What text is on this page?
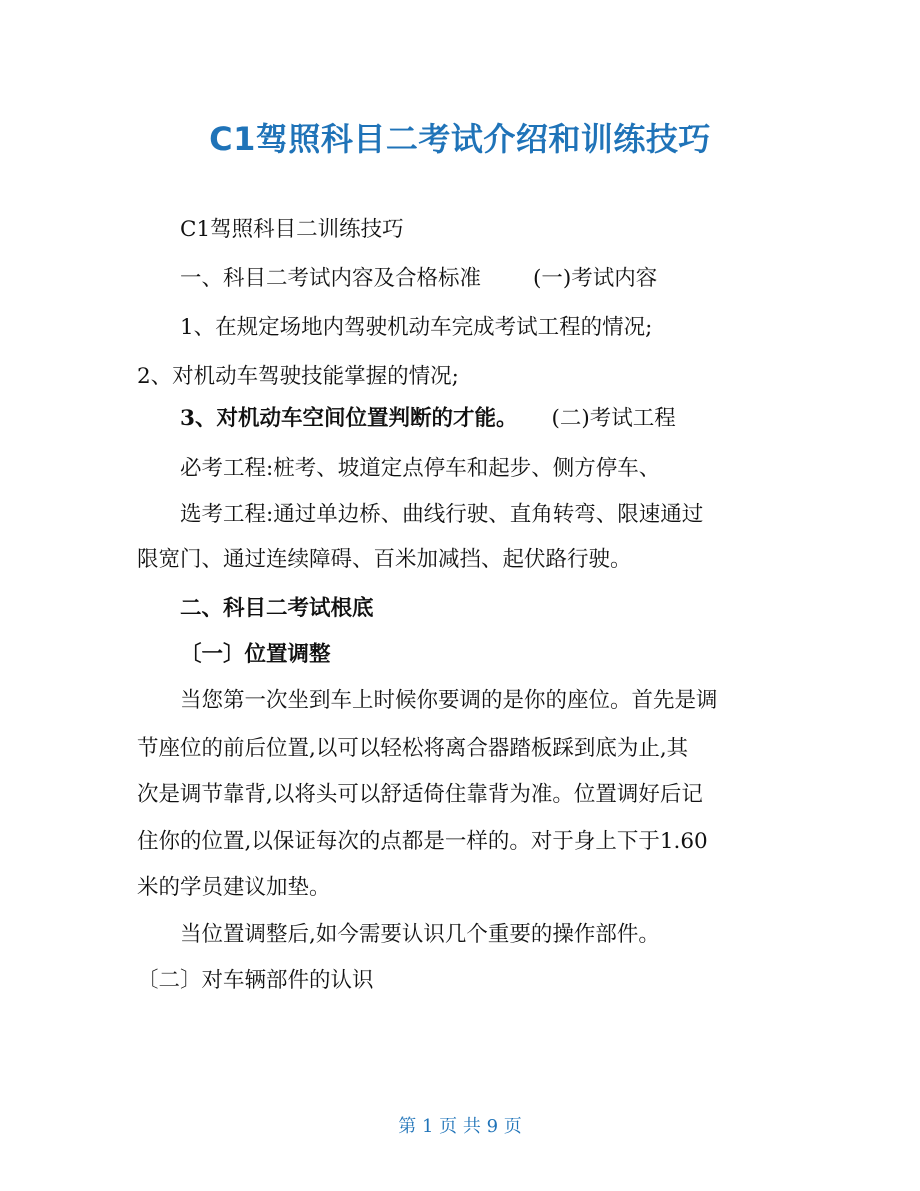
C1驾照科目二考试介绍和训练技巧

C1驾照科目二训练技巧

一、科目二考试内容及合格标准 (一)考试内容

1、在规定场地内驾驶机动车完成考试工程的情况;

2、对机动车驾驶技能掌握的情况;

3、对机动车空间位置判断的才能。 (二)考试工程

必考工程:桩考、坡道定点停车和起步、侧方停车、

选考工程:通过单边桥、曲线行驶、直角转弯、限速通过

限宽门、通过连续障碍、百米加减挡、起伏路行驶。

二、科目二考试根底

〔一〕位置调整

当您第一次坐到车上时候你要调的是你的座位。首先是调

节座位的前后位置,以可以轻松将离合器踏板踩到底为止,其

次是调节靠背,以将头可以舒适倚住靠背为准。位置调好后记

住你的位置,以保证每次的点都是一样的。对于身上下于1.60

米的学员建议加垫。

当位置调整后,如今需要认识几个重要的操作部件。

〔二〕对车辆部件的认识

第 1 页 共 9 页
